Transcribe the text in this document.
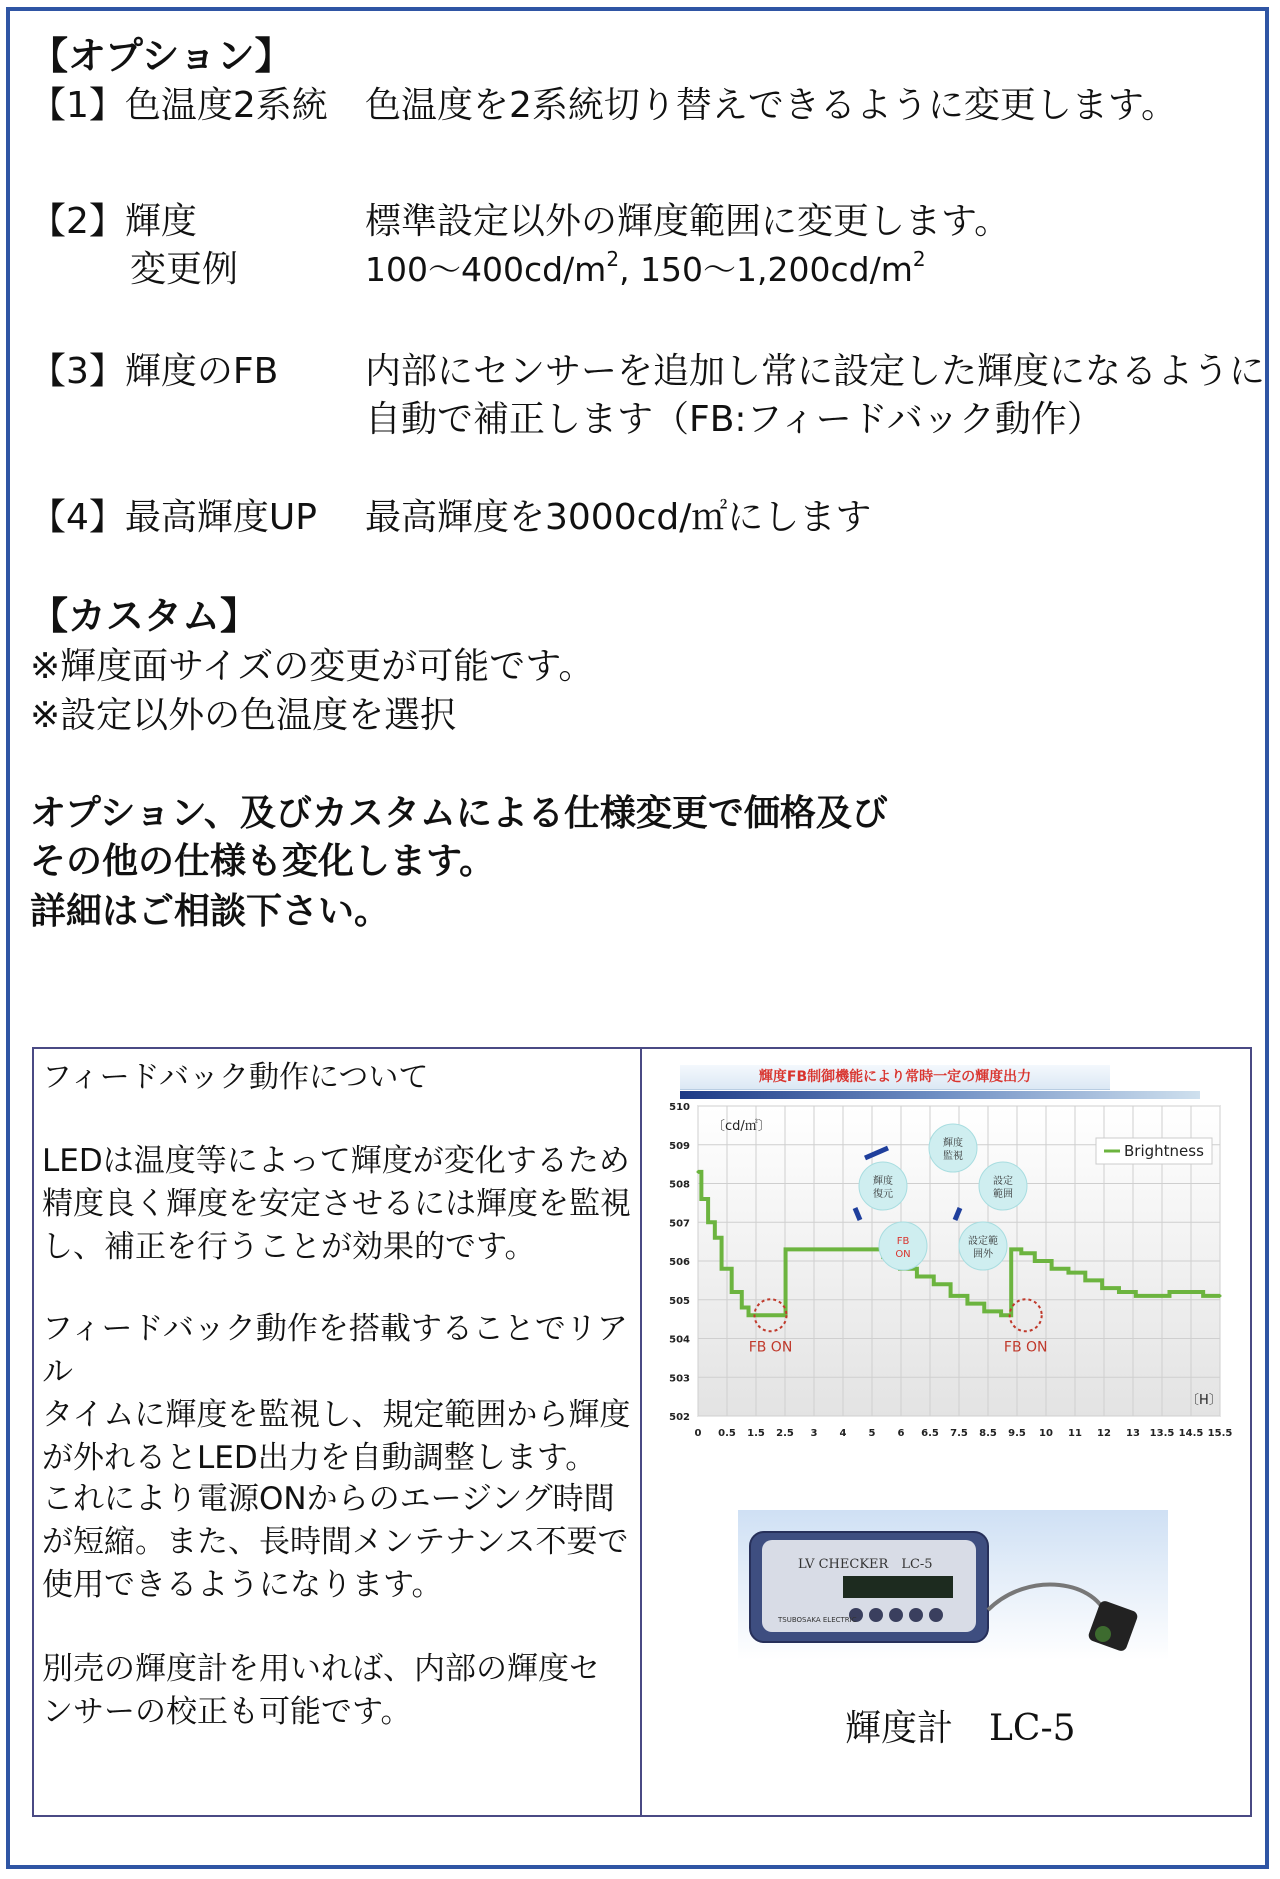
【オプション】
【1】色温度2系統 色温度を2系統切り替えできるように変更します。
【2】輝度	標準設定以外の輝度範囲に変更します。
変更例	100〜$400cd/m^2$, 150〜$1,200cd/m^2$
【3】輝度のFB 内部にセンサーを追加し常に設定した輝度になるように
自動で補正します（FB:フィードバック動作）
【4】最高輝度UP 最高輝度を3000cd/㎡にします
【カスタム】
※輝度面サイズの変更が可能です。
※設定以外の色温度を選択
オプション、及びカスタムによる仕様変更で価格及び
その他の仕様も変化します。
詳細はご相談下さい。
フィードバック動作について
LEDは温度等によって輝度が変化するため
精度良く輝度を安定させるには輝度を監視
し、補正を行うことが効果的です。
フィードバック動作を搭載することでリアル
タイムに輝度を監視し、規定範囲から輝度
が外れるとLED出力を自動調整します。
これにより電源ONからのエージング時間
が短縮。また、長時間メンテナンス不要で
使用できるようになります。
別売の輝度計を用いれば、内部の輝度セ
ンサーの校正も可能です。
輝度FB制御機能により常時一定の輝度出力
0 0.5 1.5 2.5 3 4 5 6 6.5 7.5 8.5 9.5 10 11 12 13 13.5 14.5 15.5
510
509
508
507
506
505
504
503
502
〔cd/㎡〕
〔H〕
Brightness
FB ON	FB ON
輝度
監視
設定
範囲
設定範
囲外
FB
ON
輝度
復元
LV CHECKER　LC-5
TSUBOSAKA ELECTRIC
輝度計　LC-5
